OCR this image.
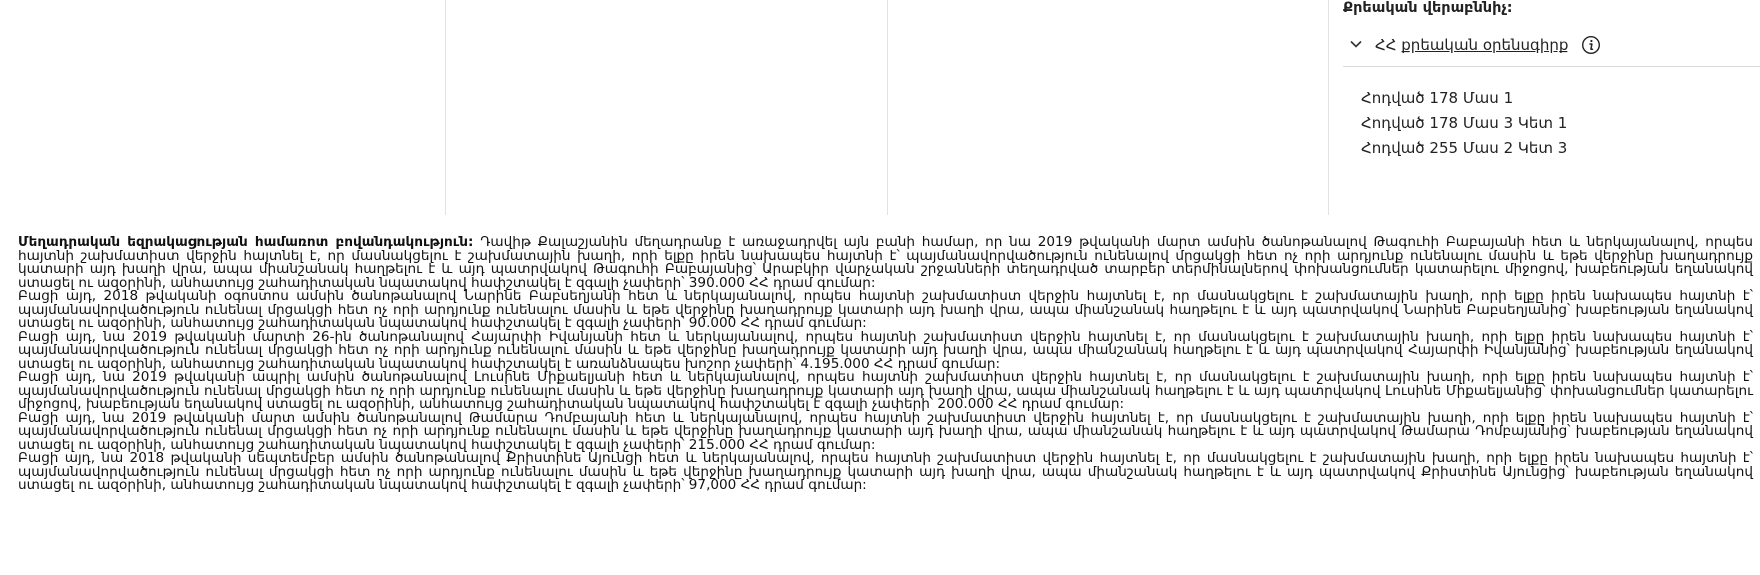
Քրեական վերաբննիչ:
ՀՀ քրեական օրենսգիրք
Հոդված 178 Մաս 1
Հոդված 178 Մաս 3 Կետ 1
Հոդված 255 Մաս 2 Կետ 3

Մեղադրական եզրակացության համառոտ բովանդակություն: Դավիթ Քալաշյանին մեղադրանք է առաջադրվել այն բանի համար, որ նա 2019 թվականի մարտ ամսին ծանոթանալով Թագուհի Բաբայանի հետ և ներկայանալով, որպես հայտնի շախմատիստ վերջին հայտնել է, որ մասնակցելու է շախմատային խաղի, որի ելքը իրեն նախապես հայտնի է՝ պայմանավորվածություն ունենալով մրցակցի հետ ոչ որի արդյունք ունենալու մասին և եթե վերջինը խաղադրույք կատարի այդ խաղի վրա, ապա միանշանակ հաղթելու է և այդ պատրվակով Թագուհի Բաբայանից՝ Արաբկիր վարչական շրջանների տեղադրված տարբեր տերմինալներով փոխանցումներ կատարելու միջոցով, խաբեության եղանակով ստացել ու ազօրինի, անհատույց շահադիտական նպատակով հափշտակել է զգալի չափերի՝ 390.000 ՀՀ դրամ գումար:

Բացի այդ, 2018 թվականի օգոստոս ամսին ծանոթանալով Նարինե Բաբսեղյանի հետ և ներկայանալով, որպես հայտնի շախմատիստ վերջին հայտնել է, որ մասնակցելու է շախմատային խաղի, որի ելքը իրեն նախապես հայտնի է՝ պայմանավորվածություն ունենալ մրցակցի հետ ոչ որի արդյունք ունենալու մասին և եթե վերջինը խաղադրույք կատարի այդ խաղի վրա, ապա միանշանակ հաղթելու է և այդ պատրվակով Նարինե Բաբսեղյանից՝ խաբեության եղանակով ստացել ու ազօրինի, անհատույց շահադիտական նպատակով հափշտակել է զգալի չափերի՝ 90.000 ՀՀ դրամ գումար:

Բացի այդ, նա 2019 թվականի մարտի 26-ին ծանոթանալով Հայարփի Իվանյանի հետ և ներկայանալով, որպես հայտնի շախմատիստ վերջին հայտնել է, որ մասնակցելու է շախմատային խաղի, որի ելքը իրեն նախապես հայտնի է՝ պայմանավորվածություն ունենալ մրցակցի հետ ոչ որի արդյունք ունենալու մասին և եթե վերջինը խաղադրույք կատարի այդ խաղի վրա, ապա միանշանակ հաղթելու է և այդ պատրվակով Հայարփի Իվանյանից՝ խաբեության եղանակով ստացել ու ազօրինի, անհատույց շահադիտական նպատակով հափշտակել է առանձնապես խոշոր չափերի՝ 4.195.000 ՀՀ դրամ գումար:

Բացի այդ, նա 2019 թվականի ապրիլ ամսին ծանոթանալով Լուսինե Միքաելյանի հետ և ներկայանալով, որպես հայտնի շախմատիստ վերջին հայտնել է, որ մասնակցելու է շախմատային խաղի, որի ելքը իրեն նախապես հայտնի է՝ պայմանավորվածություն ունենալ մրցակցի հետ ոչ որի արդյունք ունենալու մասին և եթե վերջինը խաղադրույք կատարի այդ խաղի վրա, ապա միանշանակ հաղթելու է և այդ պատրվակով Լուսինե Միքաելյանից՝ փոխանցումներ կատարելու միջոցով, խաբեության եղանակով ստացել ու ազօրինի, անհատույց շահադիտական նպատակով հափշտակել է զգալի չափերի՝ 200.000 ՀՀ դրամ գումար:

Բացի այդ, նա 2019 թվականի մարտ ամսին ծանոթանալով Թամարա Դոմբայանի հետ և ներկայանալով, որպես հայտնի շախմատիստ վերջին հայտնել է, որ մասնակցելու է շախմատային խաղի, որի ելքը իրեն նախապես հայտնի է՝ պայմանավորվածություն ունենալ մրցակցի հետ ոչ որի արդյունք ունենալու մասին և եթե վերջինը խաղադրույք կատարի այդ խաղի վրա, ապա միանշանակ հաղթելու է և այդ պատրվակով Թամարա Դոմբայանից՝ խաբեության եղանակով ստացել ու ազօրինի, անհատույց շահադիտական նպատակով հափշտակել է զգալի չափերի՝ 215.000 ՀՀ դրամ գումար:

Բացի այդ, նա 2018 թվականի սեպտեմբեր ամսին ծանոթանալով Քրիստինե Այունցի հետ և ներկայանալով, որպես հայտնի շախմատիստ վերջին հայտնել է, որ մասնակցելու է շախմատային խաղի, որի ելքը իրեն նախապես հայտնի է՝ պայմանավորվածություն ունենալ մրցակցի հետ ոչ որի արդյունք ունենալու մասին և եթե վերջինը խաղադրույք կատարի այդ խաղի վրա, ապա միանշանակ հաղթելու է և այդ պատրվակով Քրիստինե Այունցից՝ խաբեության եղանակով ստացել ու ազօրինի, անհատույց շահադիտական նպատակով հափշտակել է զգալի չափերի՝ 97,000 ՀՀ դրամ գումար:
